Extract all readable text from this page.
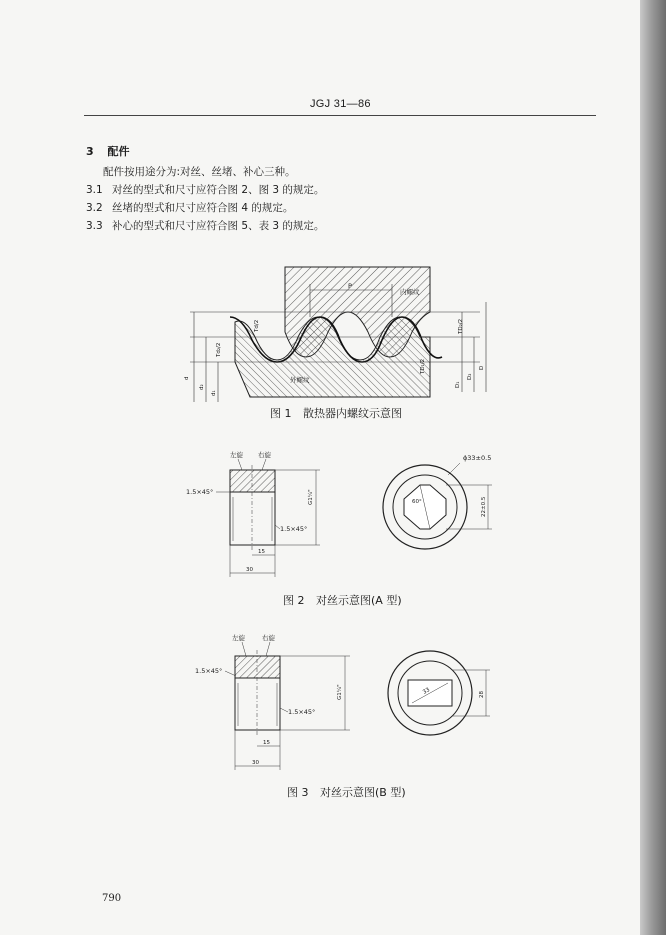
JGJ 31—86
3 配件
配件按用途分为:对丝、丝堵、补心三种。
3.1 对丝的型式和尺寸应符合图 2、图 3 的规定。
3.2 丝堵的型式和尺寸应符合图 4 的规定。
3.3 补心的型式和尺寸应符合图 5、表 3 的规定。
P
内螺纹
外螺纹
d
d₂
d₁
D₁
D₂
D
Td/2
Td₂/2
TD₂/2
TD₁/2
图 1 散热器内螺纹示意图
左旋 右旋
1.5×45°
1.5×45°
G1¼"
15
30
60°
ϕ33±0.5
22±0.5
图 2 对丝示意图(A 型)
左旋	右旋
1.5×45°
1.5×45°
G1¼"
15
30
33	28
图 3 对丝示意图(B 型)
790
